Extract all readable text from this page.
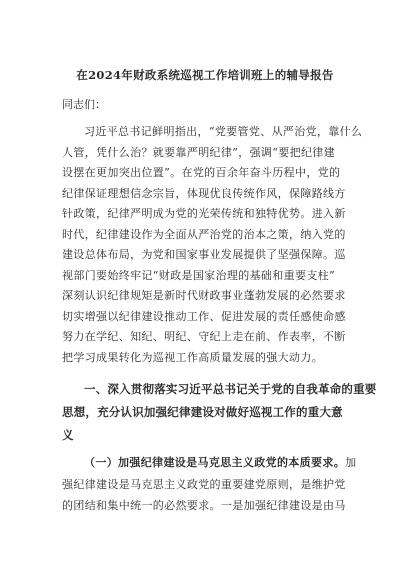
在2024年财政系统巡视工作培训班上的辅导报告
同志们：
习近平总书记鲜明指出，“党要管党、从严治党，靠什么
人管，凭什么治？就要靠严明纪律”，强调“要把纪律建
设摆在更加突出位置”。在党的百余年奋斗历程中，党的
纪律保证理想信念宗旨，体现优良传统作风，保障路线方
针政策，纪律严明成为党的光荣传统和独特优势。进入新
时代，纪律建设作为全面从严治党的治本之策，纳入党的
建设总体布局，为党和国家事业发展提供了坚强保障。巡
视部门要始终牢记“财政是国家治理的基础和重要支柱”
深刻认识纪律规矩是新时代财政事业蓬勃发展的必然要求
切实增强以纪律建设推动工作、促进发展的责任感使命感
努力在学纪、知纪、明纪、守纪上走在前、作表率，不断
把学习成果转化为巡视工作高质量发展的强大动力。
一、深入贯彻落实习近平总书记关于党的自我革命的重要
思想，充分认识加强纪律建设对做好巡视工作的重大意
义
（一）加强纪律建设是马克思主义政党的本质要求。加
强纪律建设是马克思主义政党的重要建党原则，是维护党
的团结和集中统一的必然要求。一是加强纪律建设是由马
